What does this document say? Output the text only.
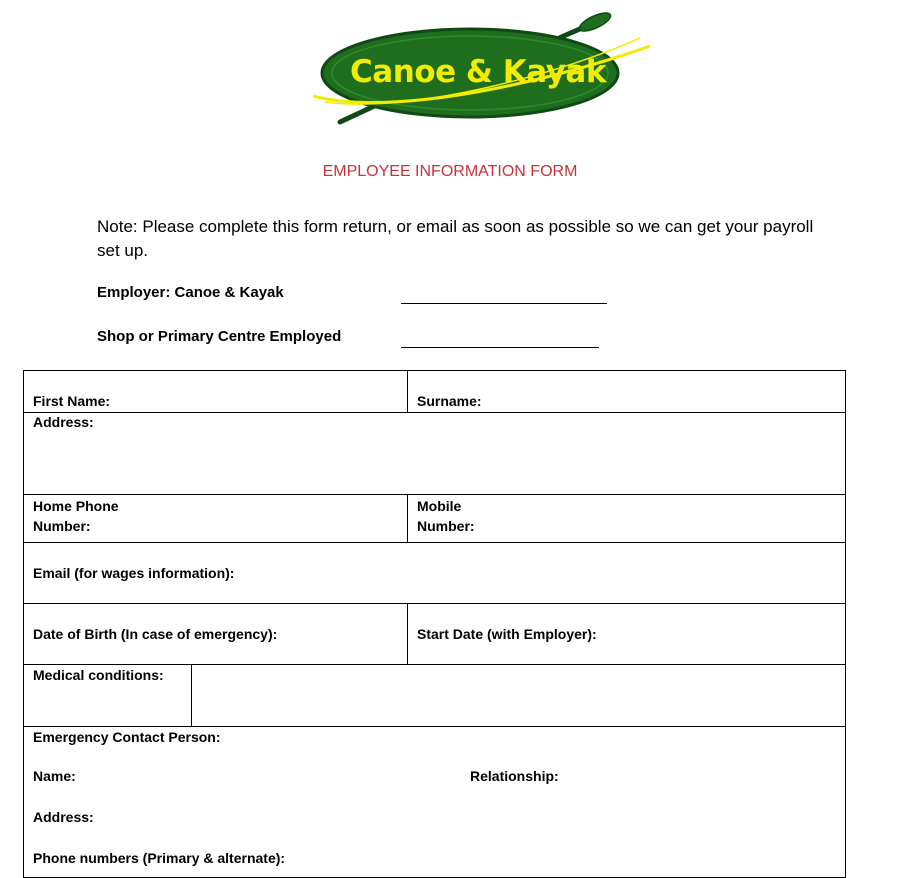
Canoe & Kayak
EMPLOYEE INFORMATION FORM
Note: Please complete this form return, or email as soon as possible so we can get your payroll set up.
Employer: Canoe & Kayak
Shop or Primary Centre Employed
First Name:		Surname:
Address:		
Home Phone
Number:		Mobile
Number:
Email (for wages information):		
Date of Birth (In case of emergency):		Start Date (with Employer):
Medical conditions:		

Emergency Contact Person:
Name: Relationship:
Address:
Phone numbers (Primary & alternate):		
